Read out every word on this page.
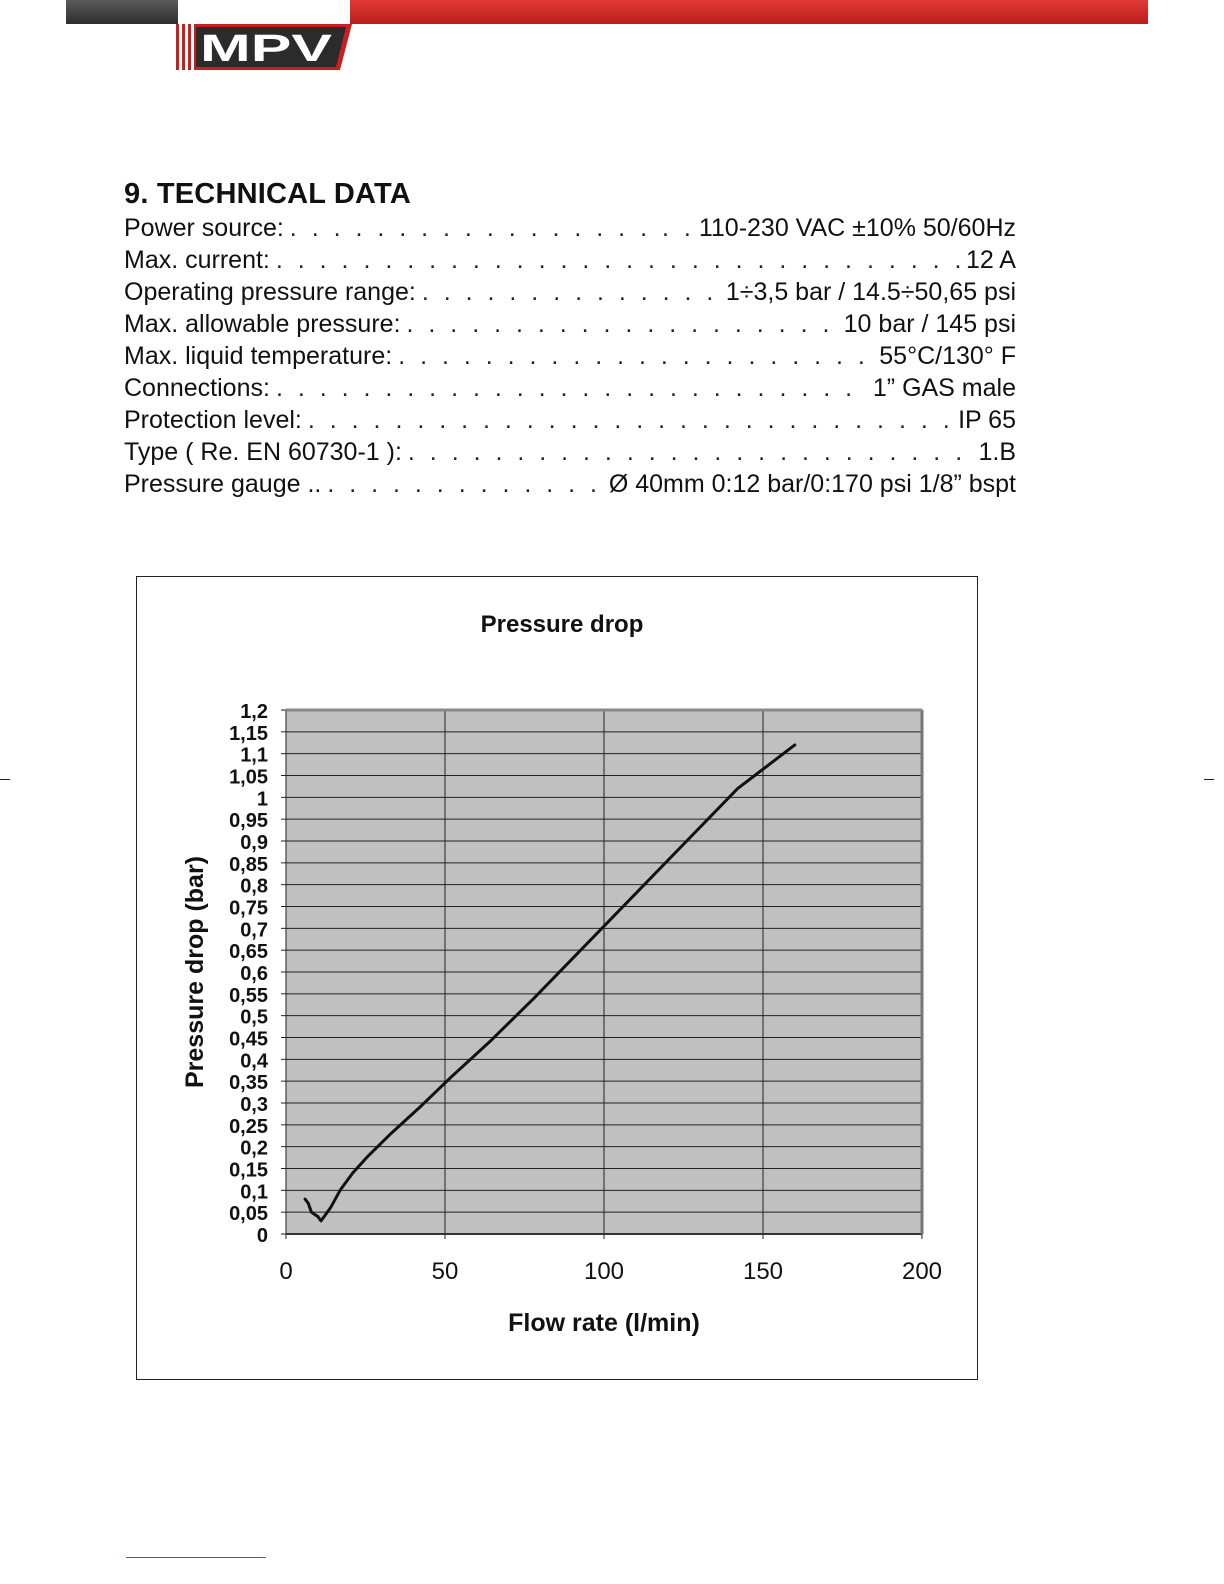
MPV
9. TECHNICAL DATA
Power source: . . .	110-230 VAC ±10% 50/60Hz
Max. current: . . .	12 A
Operating pressure range: . . .	1÷3,5 bar / 14.5÷50,65 psi
Max. allowable pressure: . . .	10 bar / 145 psi
Max. liquid temperature: . . .	55°C/130° F
Connections: . . .	1” GAS male
Protection level: . . .	IP 65
Type ( Re. EN 60730-1 ): . . .	1.B
Pressure gauge .. . . .	Ø 40mm 0:12 bar/0:170 psi 1/8” bspt
Pressure drop
0
0,05
0,1
0,15
0,2
0,25
0,3
0,35
0,4
0,45
0,5
0,55
0,6
0,65
0,7
0,75
0,8
0,85
0,9
0,95
1
1,05
1,1
1,15
1,2
0	50	100	150	200
Flow rate (l/min)
Pressure drop (bar)
